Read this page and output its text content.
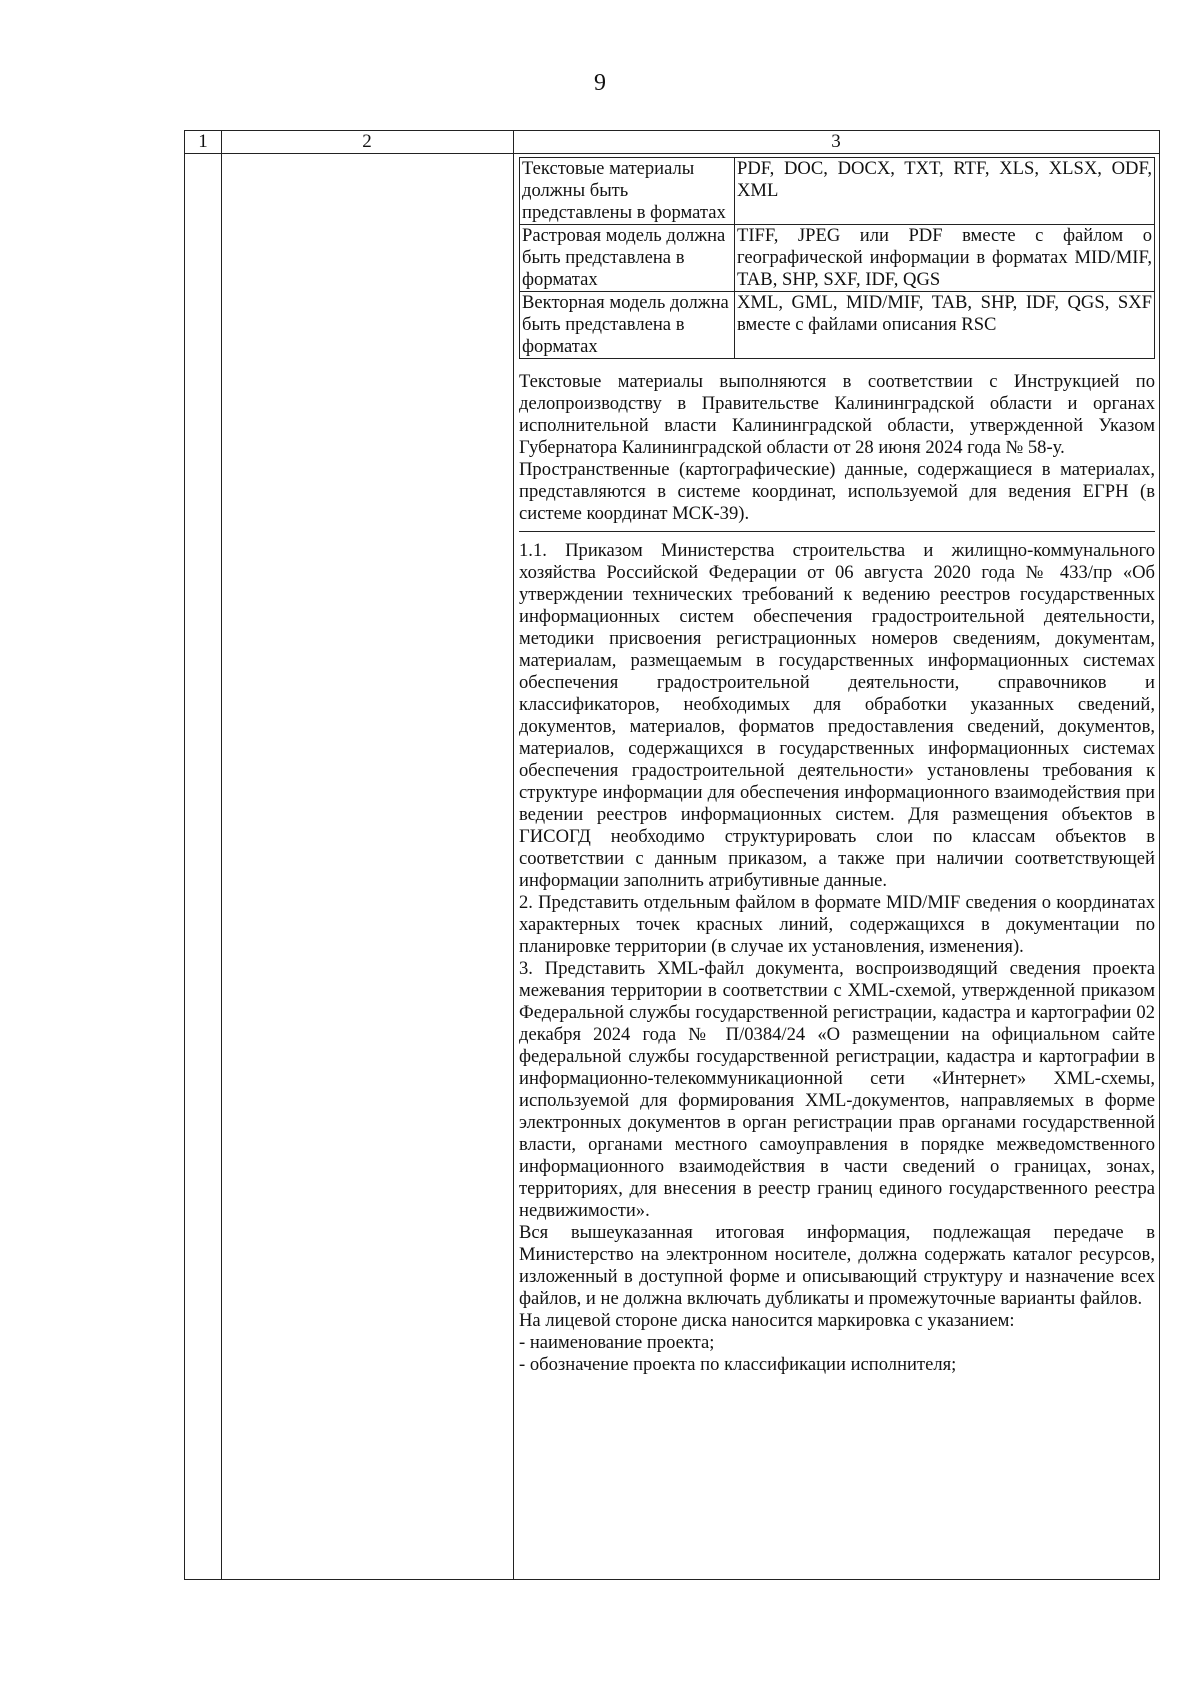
9
1	2	3
Текстовые материалы должны быть представлены в форматах	PDF, DOC, DOCX, TXT, RTF, XLS, XLSX, ODF, XML
Растровая модель должна быть представлена в форматах	TIFF, JPEG или PDF вместе с файлом о географической информации в форматах MID/MIF, TAB, SHP, SXF, IDF, QGS
Векторная модель должна быть представлена в форматах	XML, GML, MID/MIF, TAB, SHP, IDF, QGS, SXF вместе с файлами описания RSC

Текстовые материалы выполняются в соответствии с Инструкцией по делопроизводству в Правительстве Калининградской области и органах исполнительной власти Калининградской области, утвержденной Указом Губернатора Калининградской области от 28 июня 2024 года № 58-у.

Пространственные (картографические) данные, содержащиеся в материалах, представляются в системе координат, используемой для ведения ЕГРН (в системе координат МСК-39).

1.1. Приказом Министерства строительства и жилищно-коммунального хозяйства Российской Федерации от 06 августа 2020 года № 433/пр «Об утверждении технических требований к ведению реестров государственных информационных систем обеспечения градостроительной деятельности, методики присвоения регистрационных номеров сведениям, документам, материалам, размещаемым в государственных информационных системах обеспечения градостроительной деятельности, справочников и классификаторов, необходимых для обработки указанных сведений, документов, материалов, форматов предоставления сведений, документов, материалов, содержащихся в государственных информационных системах обеспечения градостроительной деятельности» установлены требования к структуре информации для обеспечения информационного взаимодействия при ведении реестров информационных систем. Для размещения объектов в ГИСОГД необходимо структурировать слои по классам объектов в соответствии с данным приказом, а также при наличии соответствующей информации заполнить атрибутивные данные.

2. Представить отдельным файлом в формате MID/MIF сведения о координатах характерных точек красных линий, содержащихся в документации по планировке территории (в случае их установления, изменения).

3. Представить XML-файл документа, воспроизводящий сведения проекта межевания территории в соответствии с XML-схемой, утвержденной приказом Федеральной службы государственной регистрации, кадастра и картографии 02 декабря 2024 года № П/0384/24 «О размещении на официальном сайте федеральной службы государственной регистрации, кадастра и картографии в информационно-телекоммуникационной сети «Интернет» XML-схемы, используемой для формирования XML-документов, направляемых в форме электронных документов в орган регистрации прав органами государственной власти, органами местного самоуправления в порядке межведомственного информационного взаимодействия в части сведений о границах, зонах, территориях, для внесения в реестр границ единого государственного реестра недвижимости».

Вся вышеуказанная итоговая информация, подлежащая передаче в Министерство на электронном носителе, должна содержать каталог ресурсов, изложенный в доступной форме и описывающий структуру и назначение всех файлов, и не должна включать дубликаты и промежуточные варианты файлов.

На лицевой стороне диска наносится маркировка с указанием:

- наименование проекта;

- обозначение проекта по классификации исполнителя;
